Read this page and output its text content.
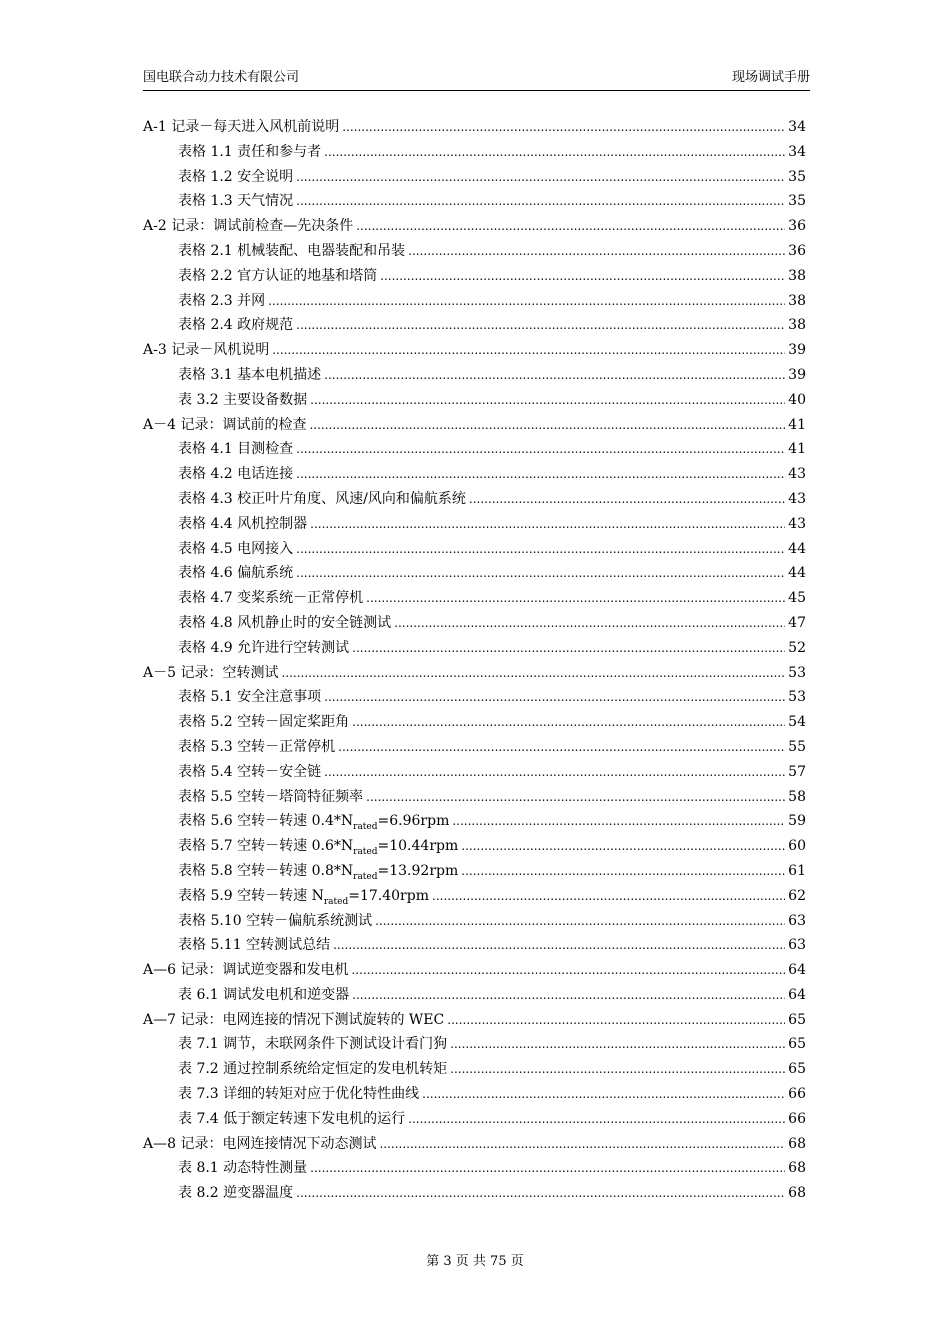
国电联合动力技术有限公司	现场调试手册
A-1 记录－每天进入风机前说明 .....	34
表格 1.1 责任和参与者 .....	34
表格 1.2 安全说明 .....	35
表格 1.3 天气情况 .....	35
A-2 记录：调试前检查—先决条件 .....	36
表格 2.1 机械装配、电器装配和吊装 .....	36
表格 2.2 官方认证的地基和塔筒 .....	38
表格 2.3 并网 .....	38
表格 2.4 政府规范 .....	38
A-3 记录－风机说明 .....	39
表格 3.1 基本电机描述 .....	39
表 3.2 主要设备数据 .....	40
A－4 记录：调试前的检查 .....	41
表格 4.1 目测检查 .....	41
表格 4.2 电话连接 .....	43
表格 4.3 校正叶片角度、风速/风向和偏航系统 .....	43
表格 4.4 风机控制器 .....	43
表格 4.5 电网接入 .....	44
表格 4.6 偏航系统 .....	44
表格 4.7 变桨系统－正常停机 .....	45
表格 4.8 风机静止时的安全链测试 .....	47
表格 4.9 允许进行空转测试 .....	52
A－5 记录：空转测试 .....	53
表格 5.1 安全注意事项 .....	53
表格 5.2 空转－固定桨距角 .....	54
表格 5.3 空转－正常停机 .....	55
表格 5.4 空转－安全链 .....	57
表格 5.5 空转－塔筒特征频率 .....	58
表格 5.6 空转－转速 $0.4*N_{rated}=6.96rpm$ .....	59
表格 5.7 空转－转速 $0.6*N_{rated}=10.44rpm$ .....	60
表格 5.8 空转－转速 $0.8*N_{rated}=13.92rpm$ .....	61
表格 5.9 空转－转速 $N_{rated}=17.40rpm$ .....	62
表格 5.10 空转－偏航系统测试 .....	63
表格 5.11 空转测试总结 .....	63
A—6 记录：调试逆变器和发电机 .....	64
表 6.1 调试发电机和逆变器 .....	64
A—7 记录：电网连接的情况下测试旋转的 WEC .....	65
表 7.1 调节，未联网条件下测试设计看门狗 .....	65
表 7.2 通过控制系统给定恒定的发电机转矩 .....	65
表 7.3 详细的转矩对应于优化特性曲线 .....	66
表 7.4 低于额定转速下发电机的运行 .....	66
A—8 记录：电网连接情况下动态测试 .....	68
表 8.1 动态特性测量 .....	68
表 8.2 逆变器温度 .....	68
第 3 页 共 75 页
